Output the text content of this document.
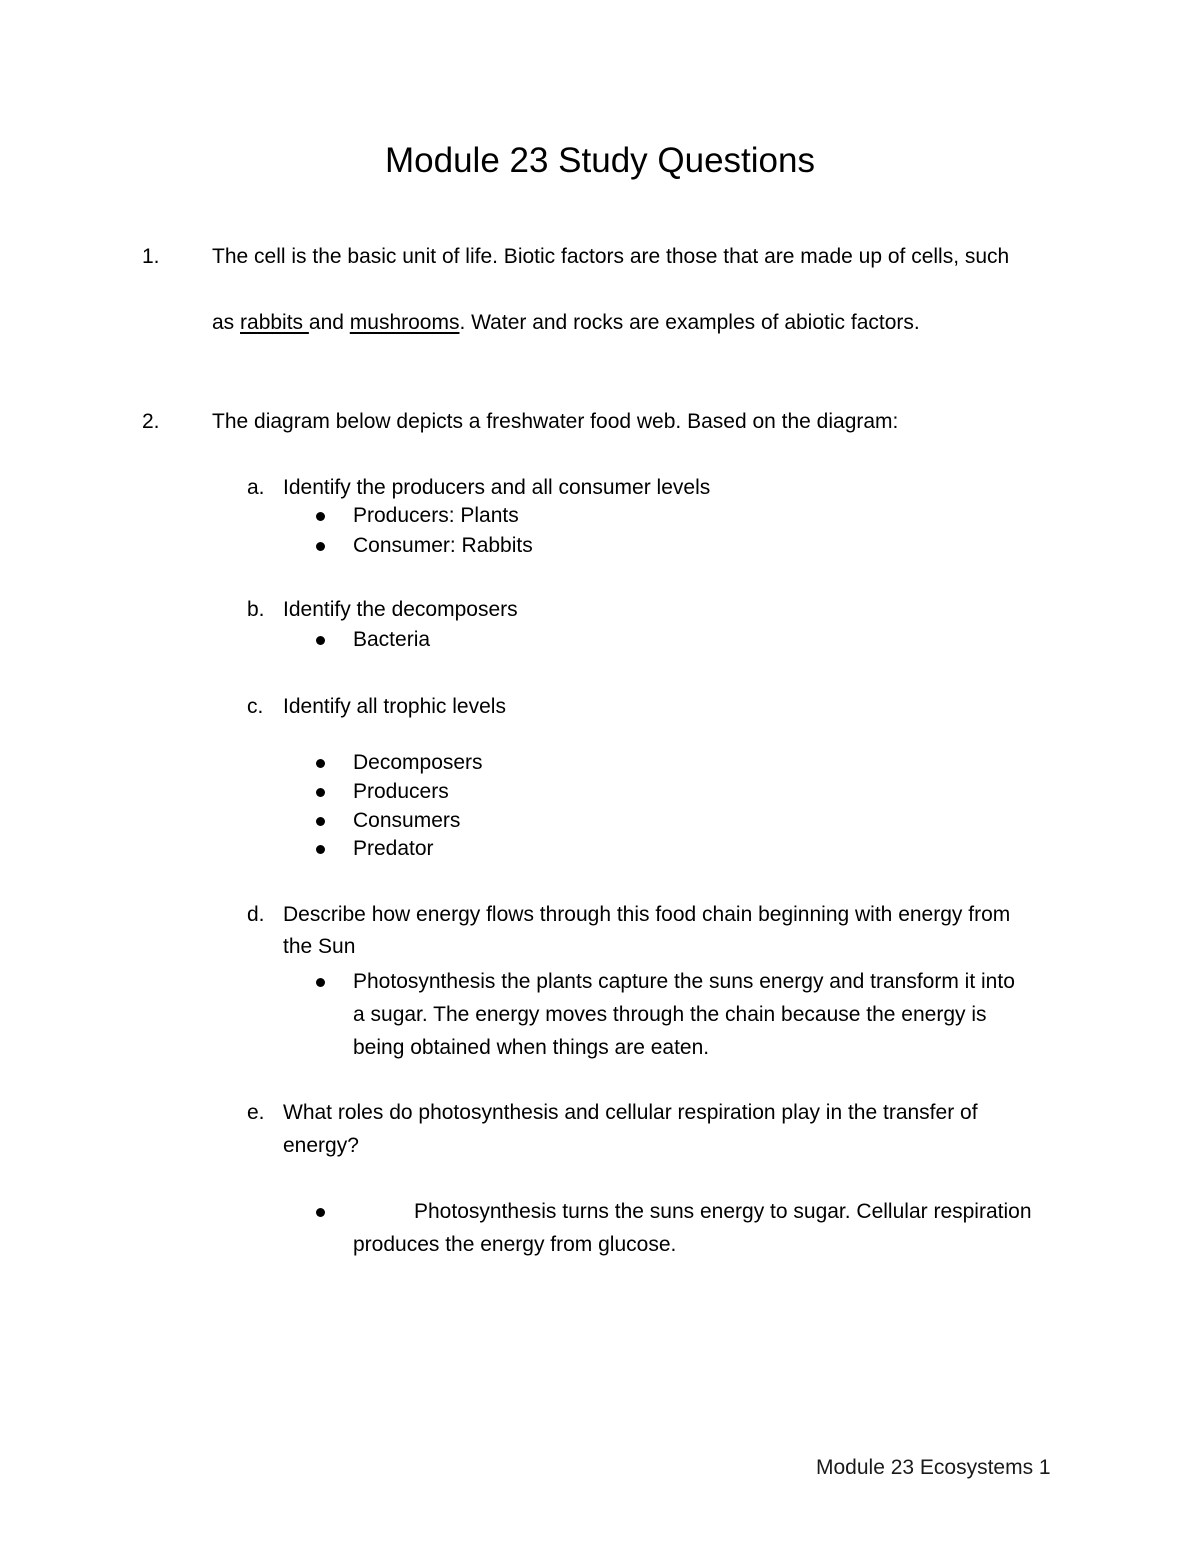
Module 23 Study Questions
1. The cell is the basic unit of life. Biotic factors are those that are made up of cells, such
as rabbits and mushrooms. Water and rocks are examples of abiotic factors.
2. The diagram below depicts a freshwater food web. Based on the diagram:
a. Identify the producers and all consumer levels
Producers: Plants
Consumer: Rabbits
b. Identify the decomposers
Bacteria
c. Identify all trophic levels
Decomposers
Producers
Consumers
Predator
d. Describe how energy flows through this food chain beginning with energy from
the Sun
Photosynthesis the plants capture the suns energy and transform it into
a sugar. The energy moves through the chain because the energy is
being obtained when things are eaten.
e. What roles do photosynthesis and cellular respiration play in the transfer of
energy?
Photosynthesis turns the suns energy to sugar. Cellular respiration
produces the energy from glucose.
Module 23 Ecosystems 1
